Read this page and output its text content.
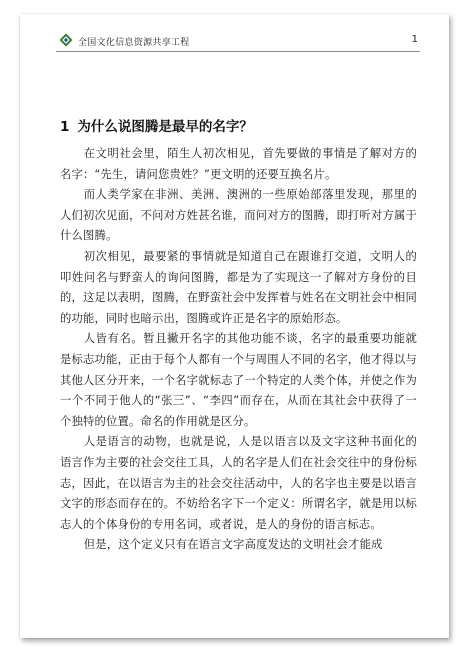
全国文化信息资源共享工程	1
1 为什么说图腾是最早的名字？

在文明社会里，陌生人初次相见，首先要做的事情是了解对方的名字：“先生，请问您贵姓？”更文明的还要互换名片。

而人类学家在非洲、美洲、澳洲的一些原始部落里发现，那里的人们初次见面，不问对方姓甚名谁，而问对方的图腾，即打听对方属于什么图腾。

初次相见，最要紧的事情就是知道自己在跟谁打交道，文明人的叩姓问名与野蛮人的询问图腾，都是为了实现这一了解对方身份的目的，这足以表明，图腾，在野蛮社会中发挥着与姓名在文明社会中相同的功能，同时也暗示出，图腾或许正是名字的原始形态。

人皆有名。暂且撇开名字的其他功能不谈，名字的最重要功能就是标志功能，正由于每个人都有一个与周围人不同的名字，他才得以与其他人区分开来，一个名字就标志了一个特定的人类个体，并使之作为一个不同于他人的“张三”、“李四”而存在，从而在其社会中获得了一个独特的位置。命名的作用就是区分。

人是语言的动物，也就是说，人是以语言以及文字这种书面化的语言作为主要的社会交往工具，人的名字是人们在社会交往中的身份标志，因此，在以语言为主的社会交往活动中，人的名字也主要是以语言文字的形态而存在的。不妨给名字下一个定义：所谓名字，就是用以标志人的个体身份的专用名词，或者说，是人的身份的语言标志。

但是，这个定义只有在语言文字高度发达的文明社会才能成
